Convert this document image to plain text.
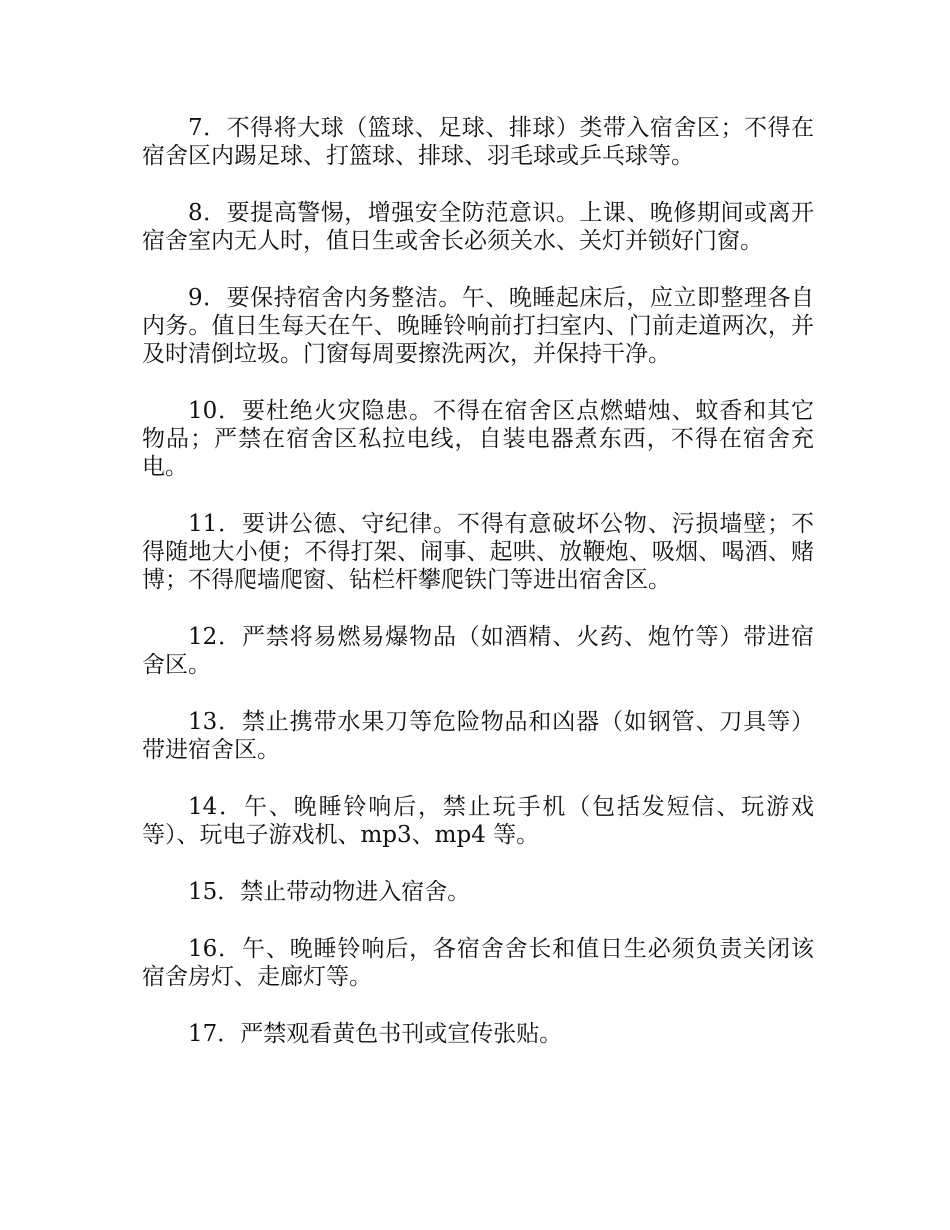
7．不得将大球（篮球、足球、排球）类带入宿舍区；不得在宿舍区内踢足球、打篮球、排球、羽毛球或乒乓球等。

8．要提高警惕，增强安全防范意识。上课、晚修期间或离开宿舍室内无人时，值日生或舍长必须关水、关灯并锁好门窗。

9．要保持宿舍内务整洁。午、晚睡起床后，应立即整理各自内务。值日生每天在午、晚睡铃响前打扫室内、门前走道两次，并及时清倒垃圾。门窗每周要擦洗两次，并保持干净。

10．要杜绝火灾隐患。不得在宿舍区点燃蜡烛、蚊香和其它物品；严禁在宿舍区私拉电线，自装电器煮东西，不得在宿舍充电。

11．要讲公德、守纪律。不得有意破坏公物、污损墙壁；不得随地大小便；不得打架、闹事、起哄、放鞭炮、吸烟、喝酒、赌博；不得爬墙爬窗、钻栏杆攀爬铁门等进出宿舍区。

12．严禁将易燃易爆物品（如酒精、火药、炮竹等）带进宿舍区。

13．禁止携带水果刀等危险物品和凶器（如钢管、刀具等）带进宿舍区。

14．午、晚睡铃响后，禁止玩手机（包括发短信、玩游戏等）、玩电子游戏机、mp3、mp4 等。

15．禁止带动物进入宿舍。

16．午、晚睡铃响后，各宿舍舍长和值日生必须负责关闭该宿舍房灯、走廊灯等。

17．严禁观看黄色书刊或宣传张贴。
